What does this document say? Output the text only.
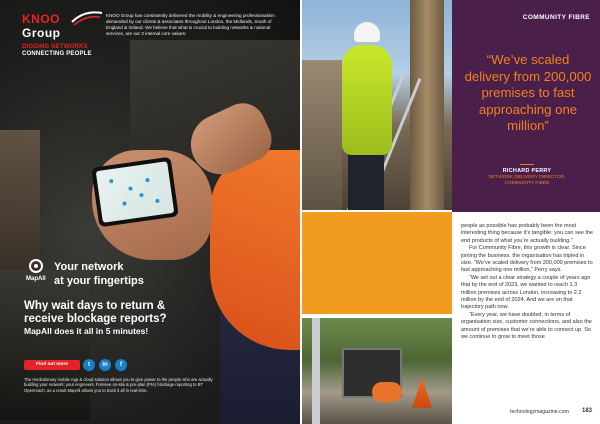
KNOO Group
DIGGING NETWORKS
CONNECTING PEOPLE
KNOO Group has consistently delivered the mobility & engineering professionalism demanded by our clients & associates throughout London, the Midlands, South of England & Ireland. We believe that what is crucial to building networks & national services, are our 3 internal core values:
MapAll
Your network
at your fingertips
Why wait days to return & receive blockage reports?
MapAll does it all in 5 minutes!
Find out more	t	in	f
The revolutionary mobile App & cloud solution allows you to give power to the people who are actually building your network; your engineers. Foresee on-site & pre-plan (PIA) blockage reporting to BT Openreach, as a result MapAll allows you to track it all in real-time.
COMMUNITY FIBRE
“We’ve scaled delivery from 200,000 premises to fast approaching one million”
RICHARD PERRY
NETWORK DELIVERY DIRECTOR,
COMMUNITY FIBRE

people as possible has probably been the most interesting thing because it’s tangible: you can see the end products of what you’re actually building.”

For Community Fibre, this growth is clear. Since joining the business, the organisation has tripled in size. “We’ve scaled delivery from 200,000 premises to fast approaching one million,” Perry says.

“We set out a clear strategy a couple of years ago that by the end of 2023, we wanted to reach 1.3 million premises across London, increasing to 2.2 million by the end of 2024. And we are on that trajectory path now.

“Every year, we have doubled, in terms of organisation size, customer connections, and also the amount of premises that we’re able to connect up. So we continue to grow to meet those

technologymagazine.com 183
